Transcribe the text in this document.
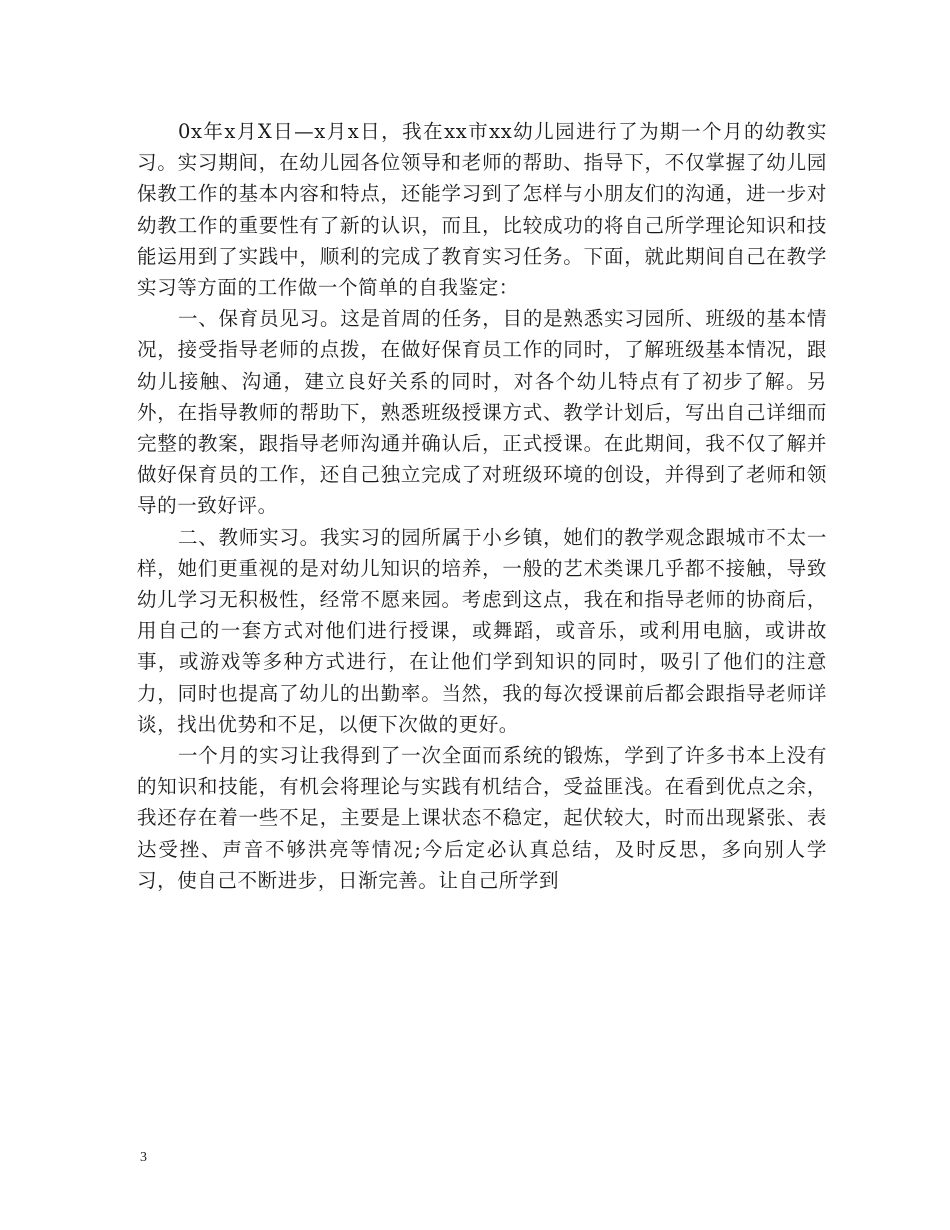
0x年x月X日—x月x日，我在xx市xx幼儿园进行了为期一个月的幼教实习。实习期间，在幼儿园各位领导和老师的帮助、指导下，不仅掌握了幼儿园保教工作的基本内容和特点，还能学习到了怎样与小朋友们的沟通，进一步对幼教工作的重要性有了新的认识，而且，比较成功的将自己所学理论知识和技能运用到了实践中，顺利的完成了教育实习任务。下面，就此期间自己在教学实习等方面的工作做一个简单的自我鉴定：

一、保育员见习。这是首周的任务，目的是熟悉实习园所、班级的基本情况，接受指导老师的点拨，在做好保育员工作的同时，了解班级基本情况，跟幼儿接触、沟通，建立良好关系的同时，对各个幼儿特点有了初步了解。另外，在指导教师的帮助下，熟悉班级授课方式、教学计划后，写出自己详细而完整的教案，跟指导老师沟通并确认后，正式授课。在此期间，我不仅了解并做好保育员的工作，还自己独立完成了对班级环境的创设，并得到了老师和领导的一致好评。

二、教师实习。我实习的园所属于小乡镇，她们的教学观念跟城市不太一样，她们更重视的是对幼儿知识的培养，一般的艺术类课几乎都不接触，导致幼儿学习无积极性，经常不愿来园。考虑到这点，我在和指导老师的协商后，用自己的一套方式对他们进行授课，或舞蹈，或音乐，或利用电脑，或讲故事，或游戏等多种方式进行，在让他们学到知识的同时，吸引了他们的注意力，同时也提高了幼儿的出勤率。当然，我的每次授课前后都会跟指导老师详谈，找出优势和不足，以便下次做的更好。

一个月的实习让我得到了一次全面而系统的锻炼，学到了许多书本上没有的知识和技能，有机会将理论与实践有机结合，受益匪浅。在看到优点之余，我还存在着一些不足，主要是上课状态不稳定，起伏较大，时而出现紧张、表达受挫、声音不够洪亮等情况;今后定必认真总结，及时反思，多向别人学习，使自己不断进步，日渐完善。让自己所学到

3
